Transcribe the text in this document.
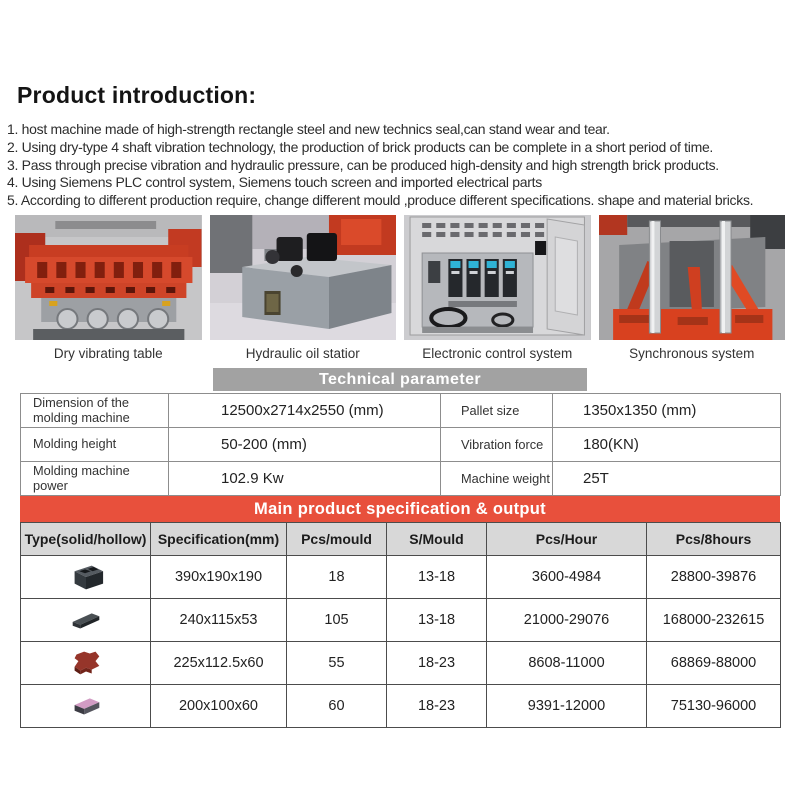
Product introduction:
1. host machine made of high-strength rectangle steel and new technics seal,can stand wear and tear.
2. Using dry-type 4 shaft vibration technology, the production of brick products can be complete in a short period of time.
3. Pass through precise vibration and hydraulic pressure, can be produced high-density and high strength brick products.
4. Using Siemens PLC control system, Siemens touch screen and imported electrical parts
5. According to different production require, change different mould ,produce different specifications. shape and material bricks.
Dry vibrating table	Hydraulic oil statior	Electronic control system	Synchronous system
Technical parameter
Dimension of the molding machine	12500x2714x2550 (mm)	Pallet size	1350x1350 (mm)
Molding height	50-200 (mm)	Vibration force	180(KN)
Molding machine power	102.9 Kw	Machine weight	25T
Main product specification & output
Type(solid/hollow)	Specification(mm)	Pcs/mould	S/Mould	Pcs/Hour	Pcs/8hours
	390x190x190	18	13-18	3600-4984	28800-39876
	240x115x53	105	13-18	21000-29076	168000-232615
	225x112.5x60	55	18-23	8608-11000	68869-88000
	200x100x60	60	18-23	9391-12000	75130-96000
